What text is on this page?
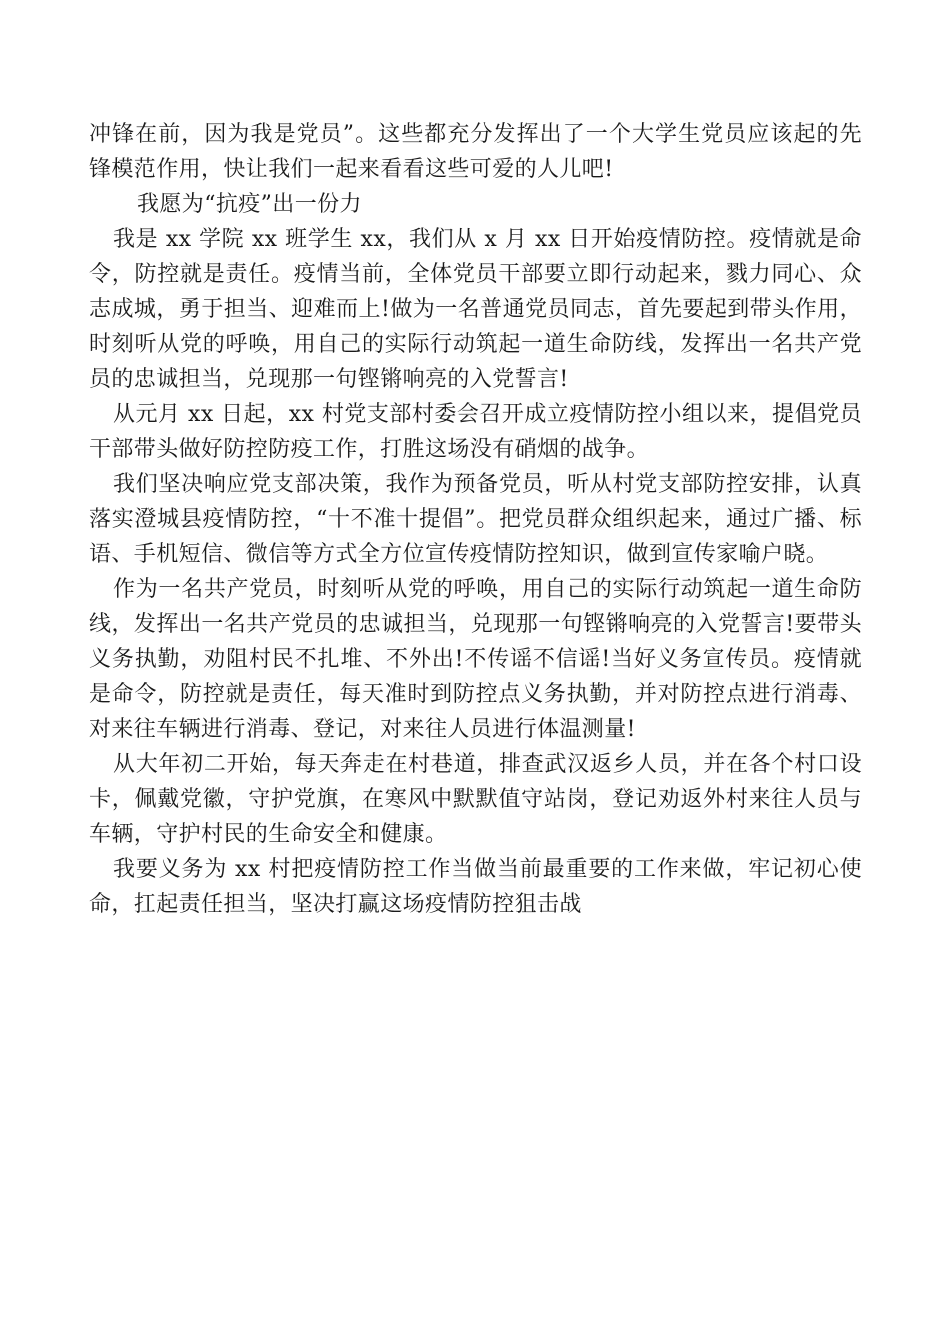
冲锋在前，因为我是党员”。这些都充分发挥出了一个大学生党员应该起的先锋模范作用，快让我们一起来看看这些可爱的人儿吧!

我愿为“抗疫”出一份力

我是 xx 学院 xx 班学生 xx，我们从 x 月 xx 日开始疫情防控。疫情就是命令，防控就是责任。疫情当前，全体党员干部要立即行动起来，戮力同心、众志成城，勇于担当、迎难而上!做为一名普通党员同志，首先要起到带头作用，时刻听从党的呼唤，用自己的实际行动筑起一道生命防线，发挥出一名共产党员的忠诚担当，兑现那一句铿锵响亮的入党誓言!

从元月 xx 日起，xx 村党支部村委会召开成立疫情防控小组以来，提倡党员干部带头做好防控防疫工作，打胜这场没有硝烟的战争。

我们坚决响应党支部决策，我作为预备党员，听从村党支部防控安排，认真落实澄城县疫情防控，“十不准十提倡”。把党员群众组织起来，通过广播、标语、手机短信、微信等方式全方位宣传疫情防控知识，做到宣传家喻户晓。

作为一名共产党员，时刻听从党的呼唤，用自己的实际行动筑起一道生命防线，发挥出一名共产党员的忠诚担当，兑现那一句铿锵响亮的入党誓言!要带头义务执勤，劝阻村民不扎堆、不外出!不传谣不信谣!当好义务宣传员。疫情就是命令，防控就是责任，每天准时到防控点义务执勤，并对防控点进行消毒、对来往车辆进行消毒、登记，对来往人员进行体温测量!

从大年初二开始，每天奔走在村巷道，排查武汉返乡人员，并在各个村口设卡，佩戴党徽，守护党旗，在寒风中默默值守站岗，登记劝返外村来往人员与车辆，守护村民的生命安全和健康。

我要义务为 xx 村把疫情防控工作当做当前最重要的工作来做，牢记初心使命，扛起责任担当，坚决打赢这场疫情防控狙击战
